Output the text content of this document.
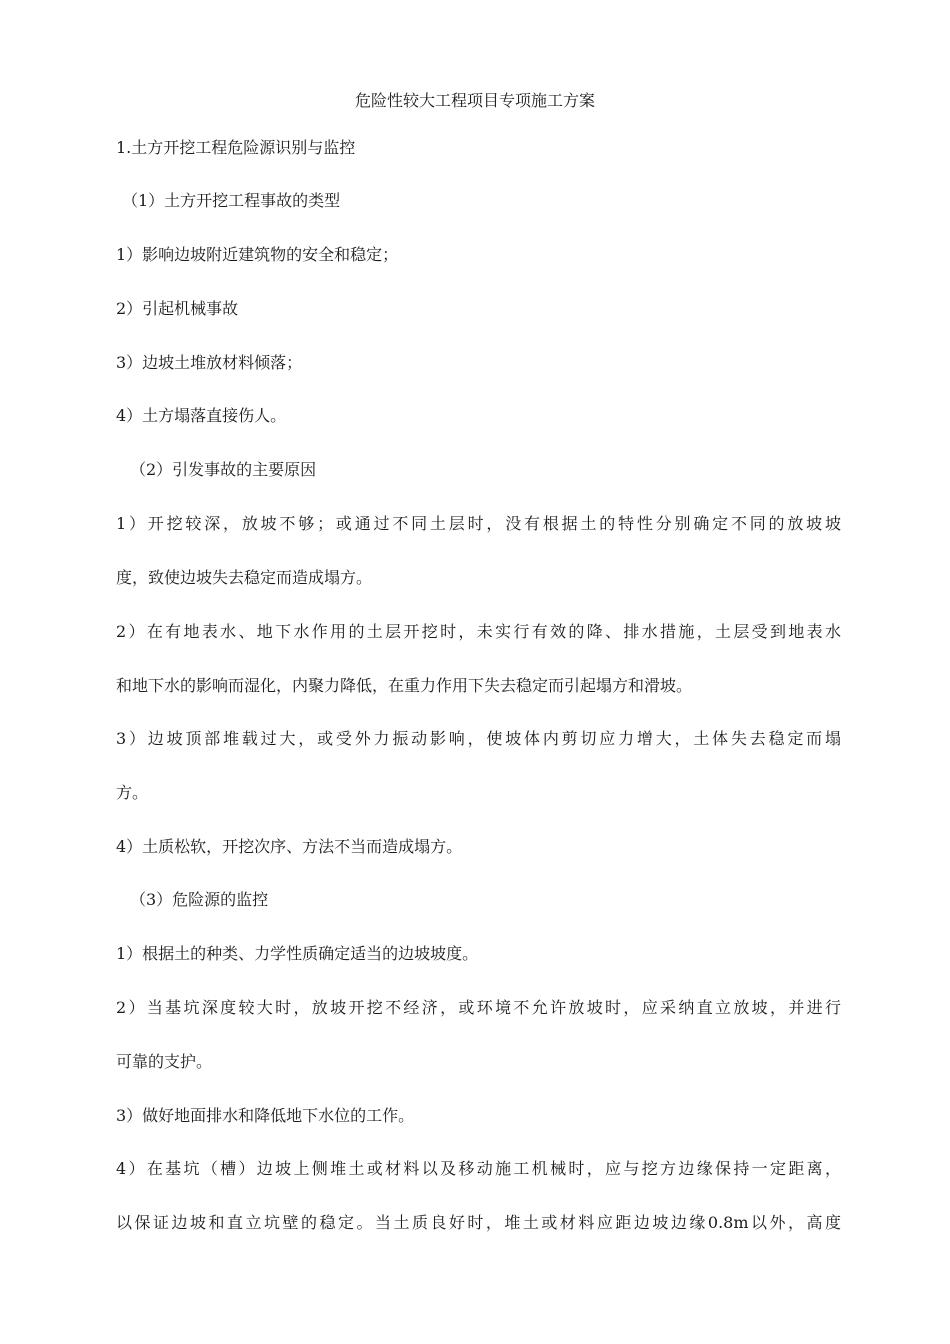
危险性较大工程项目专项施工方案
1.土方开挖工程危险源识别与监控
（1）土方开挖工程事故的类型
1）影响边坡附近建筑物的安全和稳定；
2）引起机械事故
3）边坡土堆放材料倾落；
4）土方塌落直接伤人。
（2）引发事故的主要原因
1）开挖较深，放坡不够；或通过不同土层时，没有根据土的特性分别确定不同的放坡坡
度，致使边坡失去稳定而造成塌方。
2）在有地表水、地下水作用的土层开挖时，未实行有效的降、排水措施，土层受到地表水
和地下水的影响而湿化，内聚力降低，在重力作用下失去稳定而引起塌方和滑坡。
3）边坡顶部堆载过大，或受外力振动影响，使坡体内剪切应力增大，土体失去稳定而塌
方。
4）土质松软，开挖次序、方法不当而造成塌方。
（3）危险源的监控
1）根据土的种类、力学性质确定适当的边坡坡度。
2）当基坑深度较大时，放坡开挖不经济，或环境不允许放坡时，应采纳直立放坡，并进行
可靠的支护。
3）做好地面排水和降低地下水位的工作。
4）在基坑（槽）边坡上侧堆土或材料以及移动施工机械时，应与挖方边缘保持一定距离，
以保证边坡和直立坑壁的稳定。当土质良好时，堆土或材料应距边坡边缘0.8m以外，高度
